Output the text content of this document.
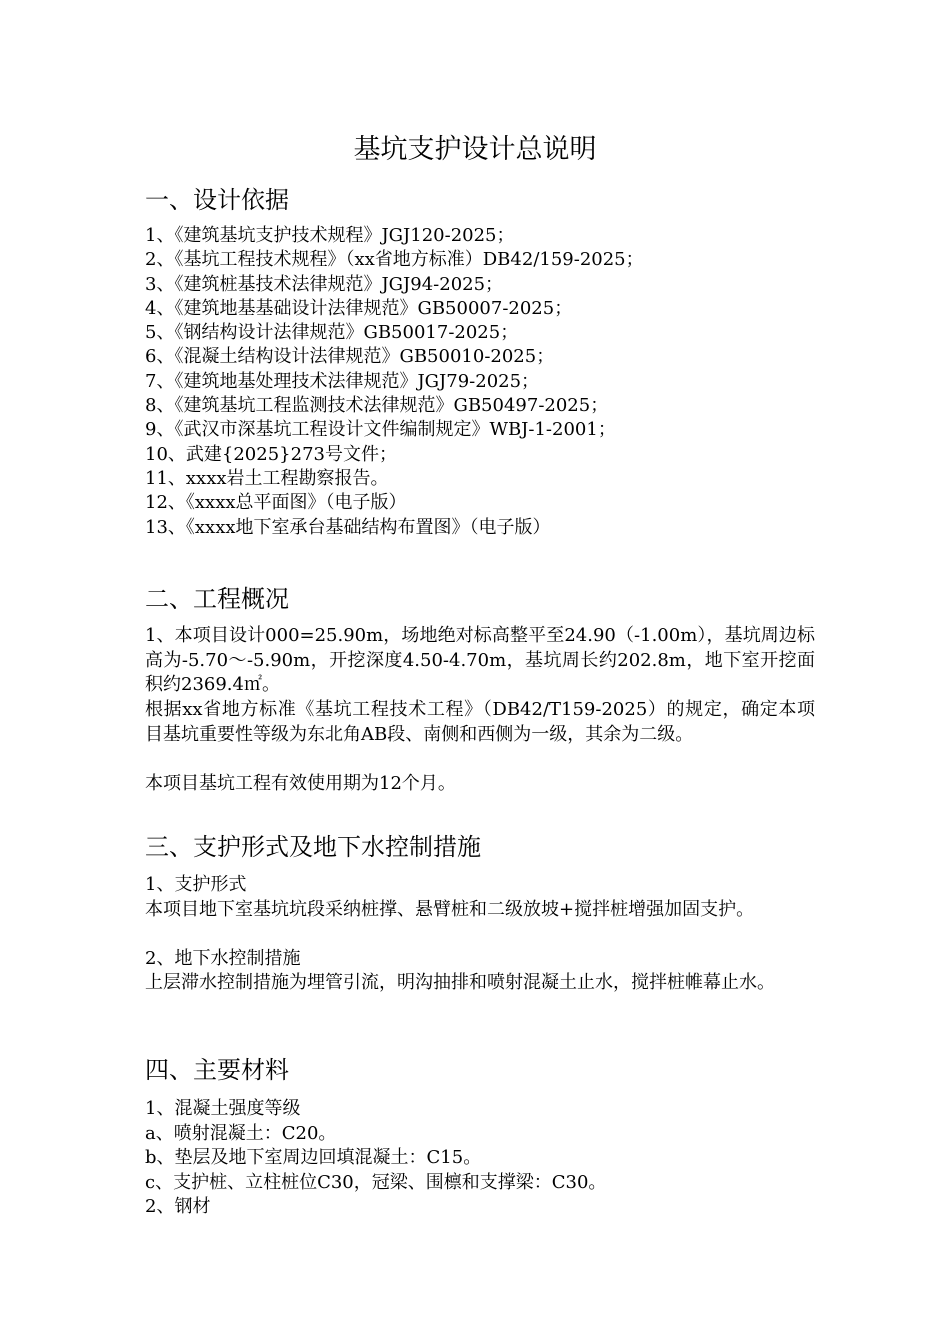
基坑支护设计总说明
一、设计依据
1、《建筑基坑支护技术规程》JGJ120-2025；
2、《基坑工程技术规程》（xx省地方标准）DB42/159-2025；
3、《建筑桩基技术法律规范》JGJ94-2025；
4、《建筑地基基础设计法律规范》GB50007-2025；
5、《钢结构设计法律规范》GB50017-2025；
6、《混凝土结构设计法律规范》GB50010-2025；
7、《建筑地基处理技术法律规范》JGJ79-2025；
8、《建筑基坑工程监测技术法律规范》GB50497-2025；
9、《武汉市深基坑工程设计文件编制规定》WBJ-1-2001；
10、武建{2025}273号文件；
11、xxxx岩土工程勘察报告。
12、《xxxx总平面图》（电子版）
13、《xxxx地下室承台基础结构布置图》（电子版）
二、工程概况

1、本项目设计000=25.90m，场地绝对标高整平至24.90（-1.00m），基坑周边标高为-5.70～-5.90m，开挖深度4.50-4.70m，基坑周长约202.8m，地下室开挖面积约2369.4㎡。

根据xx省地方标准《基坑工程技术工程》（DB42/T159-2025）的规定，确定本项目基坑重要性等级为东北角AB段、南侧和西侧为一级，其余为二级。

本项目基坑工程有效使用期为12个月。

三、支护形式及地下水控制措施

1、支护形式

本项目地下室基坑坑段采纳桩撑、悬臂桩和二级放坡+搅拌桩增强加固支护。

2、地下水控制措施

上层滞水控制措施为埋管引流，明沟抽排和喷射混凝土止水，搅拌桩帷幕止水。

四、主要材料

1、混凝土强度等级

a、喷射混凝土：C20。

b、垫层及地下室周边回填混凝土：C15。

c、支护桩、立柱桩位C30，冠梁、围檩和支撑梁：C30。

2、钢材
